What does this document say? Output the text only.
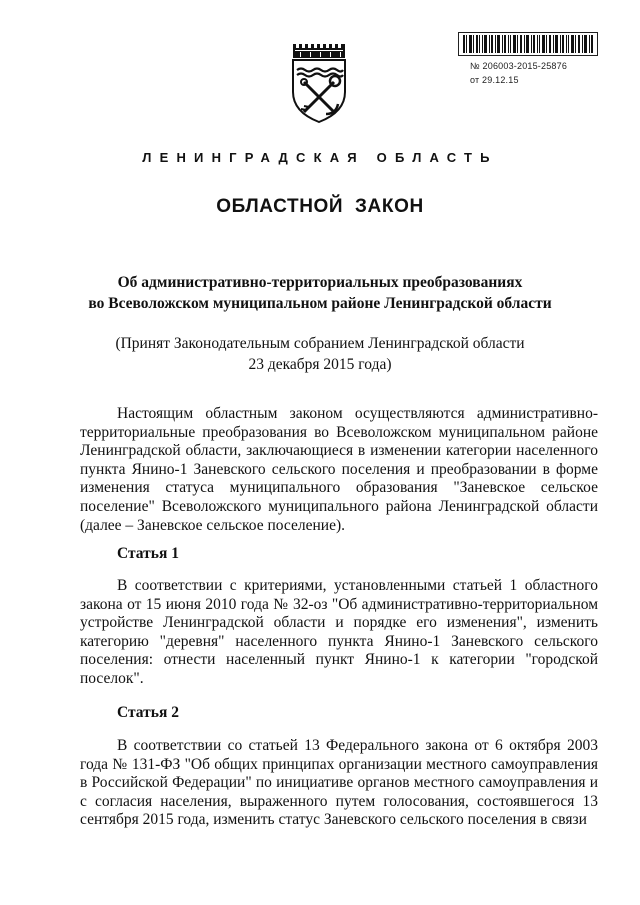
№ 206003-2015-25876
от 29.12.15
ЛЕНИНГРАДСКАЯ ОБЛАСТЬ
ОБЛАСТНОЙ ЗАКОН
Об административно-территориальных преобразованиях
во Всеволожском муниципальном районе Ленинградской области
(Принят Законодательным собранием Ленинградской области
23 декабря 2015 года)

Настоящим областным законом осуществляются административно-территориальные преобразования во Всеволожском муниципальном районе Ленинградской области, заключающиеся в изменении категории населенного пункта Янино-1 Заневского сельского поселения и преобразовании в форме изменения статуса муниципального образования "Заневское сельское поселение" Всеволожского муниципального района Ленинградской области (далее – Заневское сельское поселение).

Статья 1

В соответствии с критериями, установленными статьей 1 областного закона от 15 июня 2010 года № 32-оз "Об административно-территориальном устройстве Ленинградской области и порядке его изменения", изменить категорию "деревня" населенного пункта Янино-1 Заневского сельского поселения: отнести населенный пункт Янино-1 к категории "городской поселок".

Статья 2

В соответствии со статьей 13 Федерального закона от 6 октября 2003 года № 131-ФЗ "Об общих принципах организации местного самоуправления в Российской Федерации" по инициативе органов местного самоуправления и с согласия населения, выраженного путем голосования, состоявшегося 13 сентября 2015 года, изменить статус Заневского сельского поселения в связи
